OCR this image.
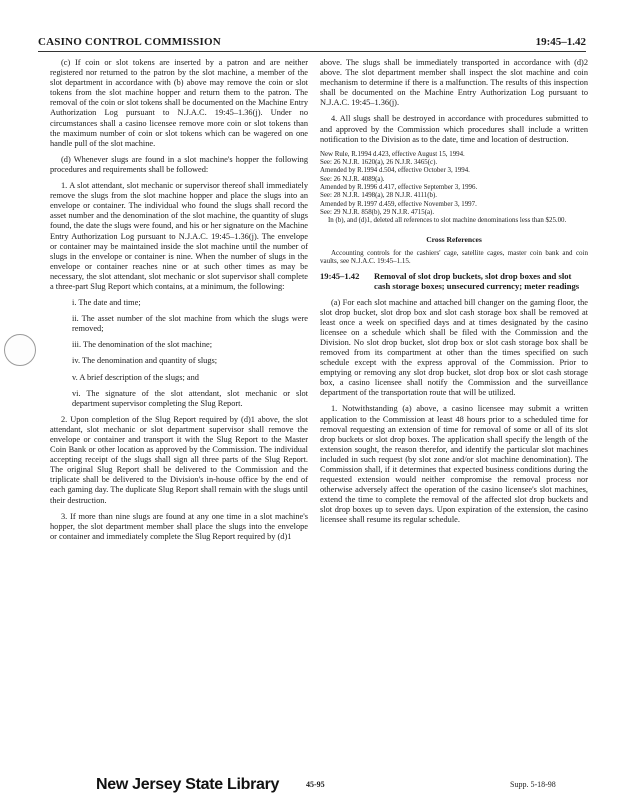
CASINO CONTROL COMMISSION	19:45–1.42

(c) If coin or slot tokens are inserted by a patron and are neither registered nor returned to the patron by the slot machine, a member of the slot department in accordance with (b) above may remove the coin or slot tokens from the slot machine hopper and return them to the patron. The removal of the coin or slot tokens shall be documented on the Machine Entry Authorization Log pursuant to N.J.A.C. 19:45–1.36(j). Under no circumstances shall a casino licensee remove more coin or slot tokens than the maximum number of coin or slot tokens which can be wagered on one handle pull of the slot machine.

(d) Whenever slugs are found in a slot machine's hopper the following procedures and requirements shall be followed:

1. A slot attendant, slot mechanic or supervisor thereof shall immediately remove the slugs from the slot machine hopper and place the slugs into an envelope or container. The individual who found the slugs shall record the asset number and the denomination of the slot machine, the quantity of slugs found, the date the slugs were found, and his or her signature on the Machine Entry Authorization Log pursuant to N.J.A.C. 19:45–1.36(j). The envelope or container may be maintained inside the slot machine until the number of slugs in the envelope or container is nine. When the number of slugs in the envelope or container reaches nine or at such other times as may be necessary, the slot attendant, slot mechanic or slot supervisor shall complete a three-part Slug Report which contains, at a minimum, the following:

i. The date and time;

ii. The asset number of the slot machine from which the slugs were removed;

iii. The denomination of the slot machine;

iv. The denomination and quantity of slugs;

v. A brief description of the slugs; and

vi. The signature of the slot attendant, slot mechanic or slot department supervisor completing the Slug Report.

2. Upon completion of the Slug Report required by (d)1 above, the slot attendant, slot mechanic or slot department supervisor shall remove the envelope or container and transport it with the Slug Report to the Master Coin Bank or other location as approved by the Commission. The individual accepting receipt of the slugs shall sign all three parts of the Slug Report. The original Slug Report shall be delivered to the Commission and the triplicate shall be delivered to the Division's in-house office by the end of each gaming day. The duplicate Slug Report shall remain with the slugs until their destruction.

3. If more than nine slugs are found at any one time in a slot machine's hopper, the slot department member shall place the slugs into the envelope or container and immediately complete the Slug Report required by (d)1

above. The slugs shall be immediately transported in accordance with (d)2 above. The slot department member shall inspect the slot machine and coin mechanism to determine if there is a malfunction. The results of this inspection shall be documented on the Machine Entry Authorization Log pursuant to N.J.A.C. 19:45–1.36(j).

4. All slugs shall be destroyed in accordance with procedures submitted to and approved by the Commission which procedures shall include a written notification to the Division as to the date, time and location of destruction.

New Rule, R.1994 d.423, effective August 15, 1994.
See: 26 N.J.R. 1620(a), 26 N.J.R. 3465(c).
Amended by R.1994 d.504, effective October 3, 1994.
See: 26 N.J.R. 4089(a).
Amended by R.1996 d.417, effective September 3, 1996.
See: 28 N.J.R. 1498(a), 28 N.J.R. 4111(b).
Amended by R.1997 d.459, effective November 3, 1997.
See: 29 N.J.R. 858(b), 29 N.J.R. 4715(a).
In (b), and (d)1, deleted all references to slot machine denominations less than $25.00.
Cross References

Accounting controls for the cashiers' cage, satellite cages, master coin bank and coin vaults, see N.J.A.C. 19:45–1.15.

19:45–1.42	Removal of slot drop buckets, slot drop boxes and slot cash storage boxes; unsecured currency; meter readings

(a) For each slot machine and attached bill changer on the gaming floor, the slot drop bucket, slot drop box and slot cash storage box shall be removed at least once a week on specified days and at times designated by the casino licensee on a schedule which shall be filed with the Commission and the Division. No slot drop bucket, slot drop box or slot cash storage box shall be removed from its compartment at other than the times specified on such schedule except with the express approval of the Commission. Prior to emptying or removing any slot drop bucket, slot drop box or slot cash storage box, a casino licensee shall notify the Commission and the surveillance department of the transportation route that will be utilized.

1. Notwithstanding (a) above, a casino licensee may submit a written application to the Commission at least 48 hours prior to a scheduled time for removal requesting an extension of time for removal of some or all of its slot drop buckets or slot drop boxes. The application shall specify the length of the extension sought, the reason therefor, and identify the particular slot machines included in such request (by slot zone and/or slot machine denomination). The Commission shall, if it determines that expected business conditions during the requested extension would neither compromise the removal process nor otherwise adversely affect the operation of the casino licensee's slot machines, extend the time to complete the removal of the affected slot drop buckets and slot drop boxes up to seven days. Upon expiration of the extension, the casino licensee shall resume its regular schedule.

New Jersey State Library	45-95	Supp. 5-18-98
